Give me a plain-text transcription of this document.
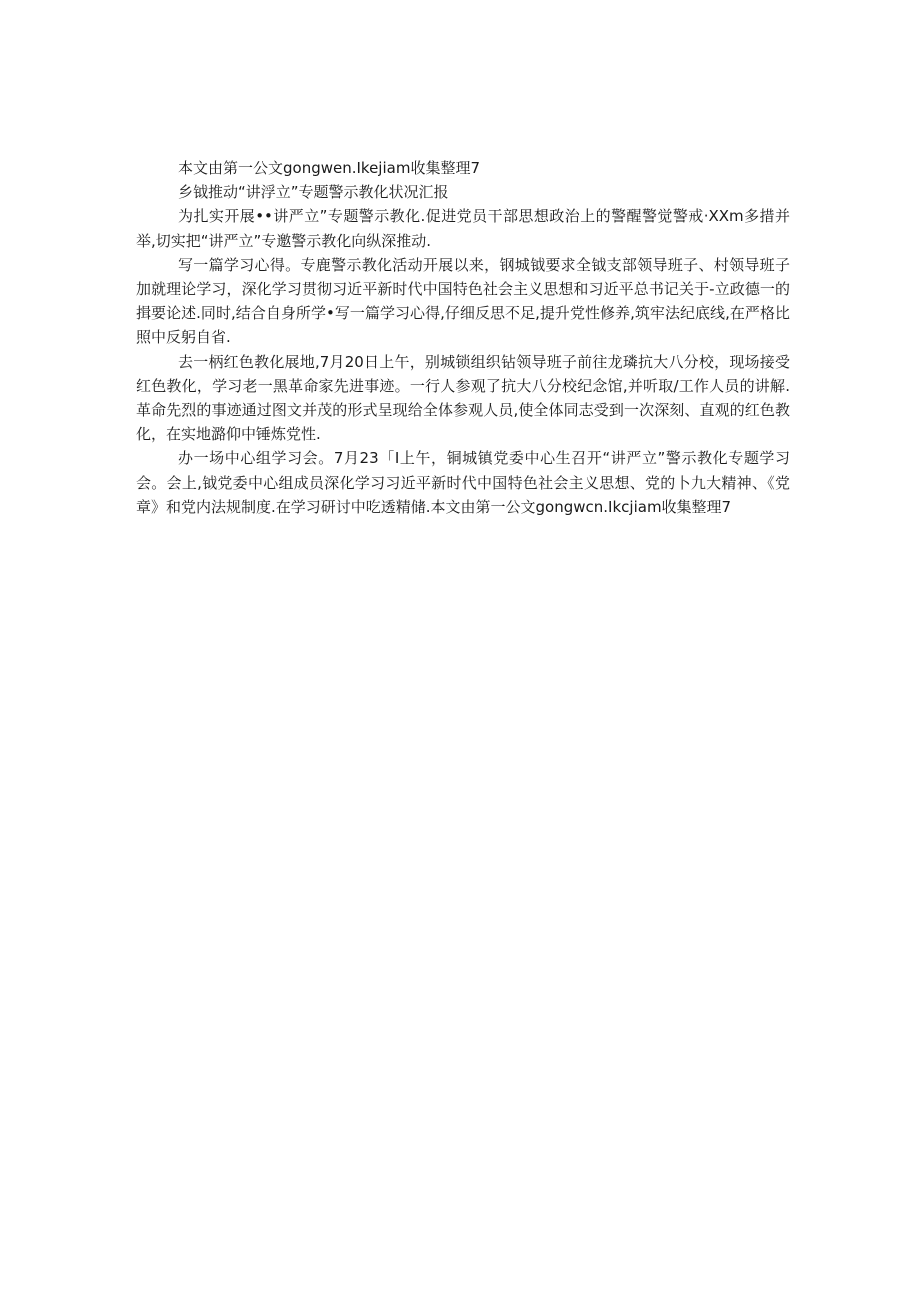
本文由第一公文gongwen.Ikejiam收集整理7

乡钺推动“讲浮立”专题警示教化状况汇报

为扎实开展••讲严立”专题警示教化.促进党员干部思想政治上的警醒警觉警戒·XXm多措并举,切实把“讲严立”专邀警示教化向纵深推动.

写一篇学习心得。专鹿警示教化活动开展以来，钢城钺要求全钺支部领导班子、村领导班子加就理论学习，深化学习贯彻习近平新时代中国特色社会主义思想和习近平总书记关于-立政德一的揖要论述.同时,结合自身所学•写一篇学习心得,仔细反思不足,提升党性修养,筑牢法纪底线,在严格比照中反躬自省.

去一柄红色教化展地,7月20日上午，别城锁组织钻领导班子前往龙璘抗大八分校，现场接受红色教化，学习老一黑革命家先进事迹。一行人参观了抗大八分校纪念馆,并听取/工作人员的讲解.革命先烈的事迹通过图文并茂的形式呈现给全体参观人员,使全体同志受到一次深刻、直观的红色教化，在实地潞仰中锤炼党性.

办一场中心组学习会。7月23「I上午，铜城镇党委中心生召开“讲严立”警示教化专题学习会。会上,钺党委中心组成员深化学习习近平新时代中国特色社会主义思想、党的卜九大精神、《党章》和党内法规制度.在学习研讨中吃透精储.本文由第一公文gongwcn.Ikcjiam收集整理7
